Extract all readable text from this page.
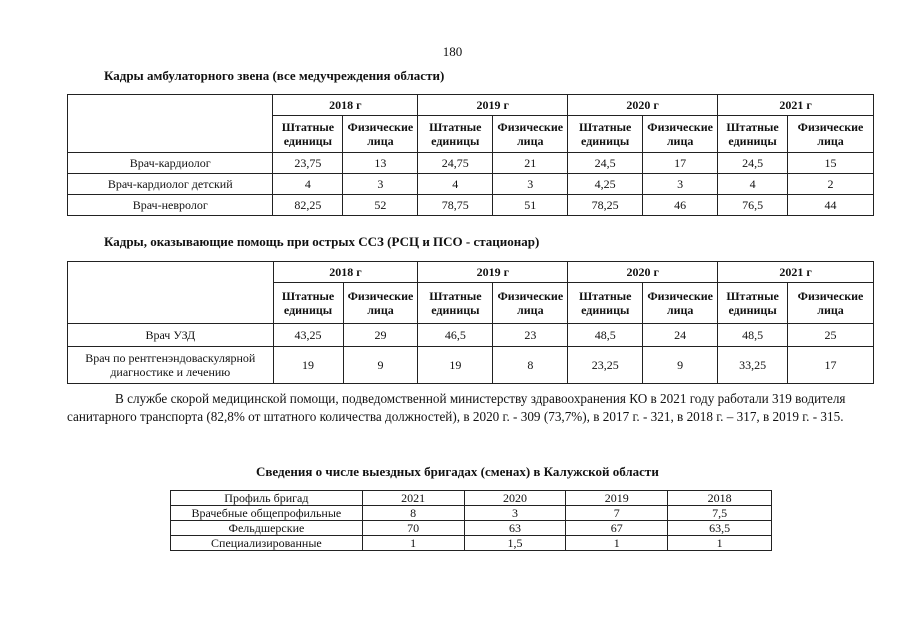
180
Кадры амбулаторного звена (все медучреждения области)
	2018 г		2019 г		2020 г		2021 г	
	Штатные единицы	Физические лица	Штатные единицы	Физические лица	Штатные единицы	Физические лица	Штатные единицы	Физические лица
Врач-кардиолог	23,75	13	24,75	21	24,5	17	24,5	15
Врач-кардиолог детский	4	3	4	3	4,25	3	4	2
Врач-невролог	82,25	52	78,75	51	78,25	46	76,5	44
Кадры, оказывающие помощь при острых ССЗ (РСЦ и ПСО - стационар)
	2018 г		2019 г		2020 г		2021 г	
	Штатные единицы	Физические лица	Штатные единицы	Физические лица	Штатные единицы	Физические лица	Штатные единицы	Физические лица
Врач УЗД	43,25	29	46,5	23	48,5	24	48,5	25
Врач по рентгенэндоваскулярной диагностике и лечению	19	9	19	8	23,25	9	33,25	17
В службе скорой медицинской помощи, подведомственной министерству здравоохранения КО в 2021 году работали 319 водителя санитарного транспорта (82,8% от штатного количества должностей), в 2020 г. - 309 (73,7%), в 2017 г. - 321, в 2018 г. – 317, в 2019 г. - 315.
Сведения о числе выездных бригадах (сменах) в Калужской области
Профиль бригад	2021	2020	2019	2018
Врачебные общепрофильные	8	3	7	7,5
Фельдшерские	70	63	67	63,5
Специализированные	1	1,5	1	1
